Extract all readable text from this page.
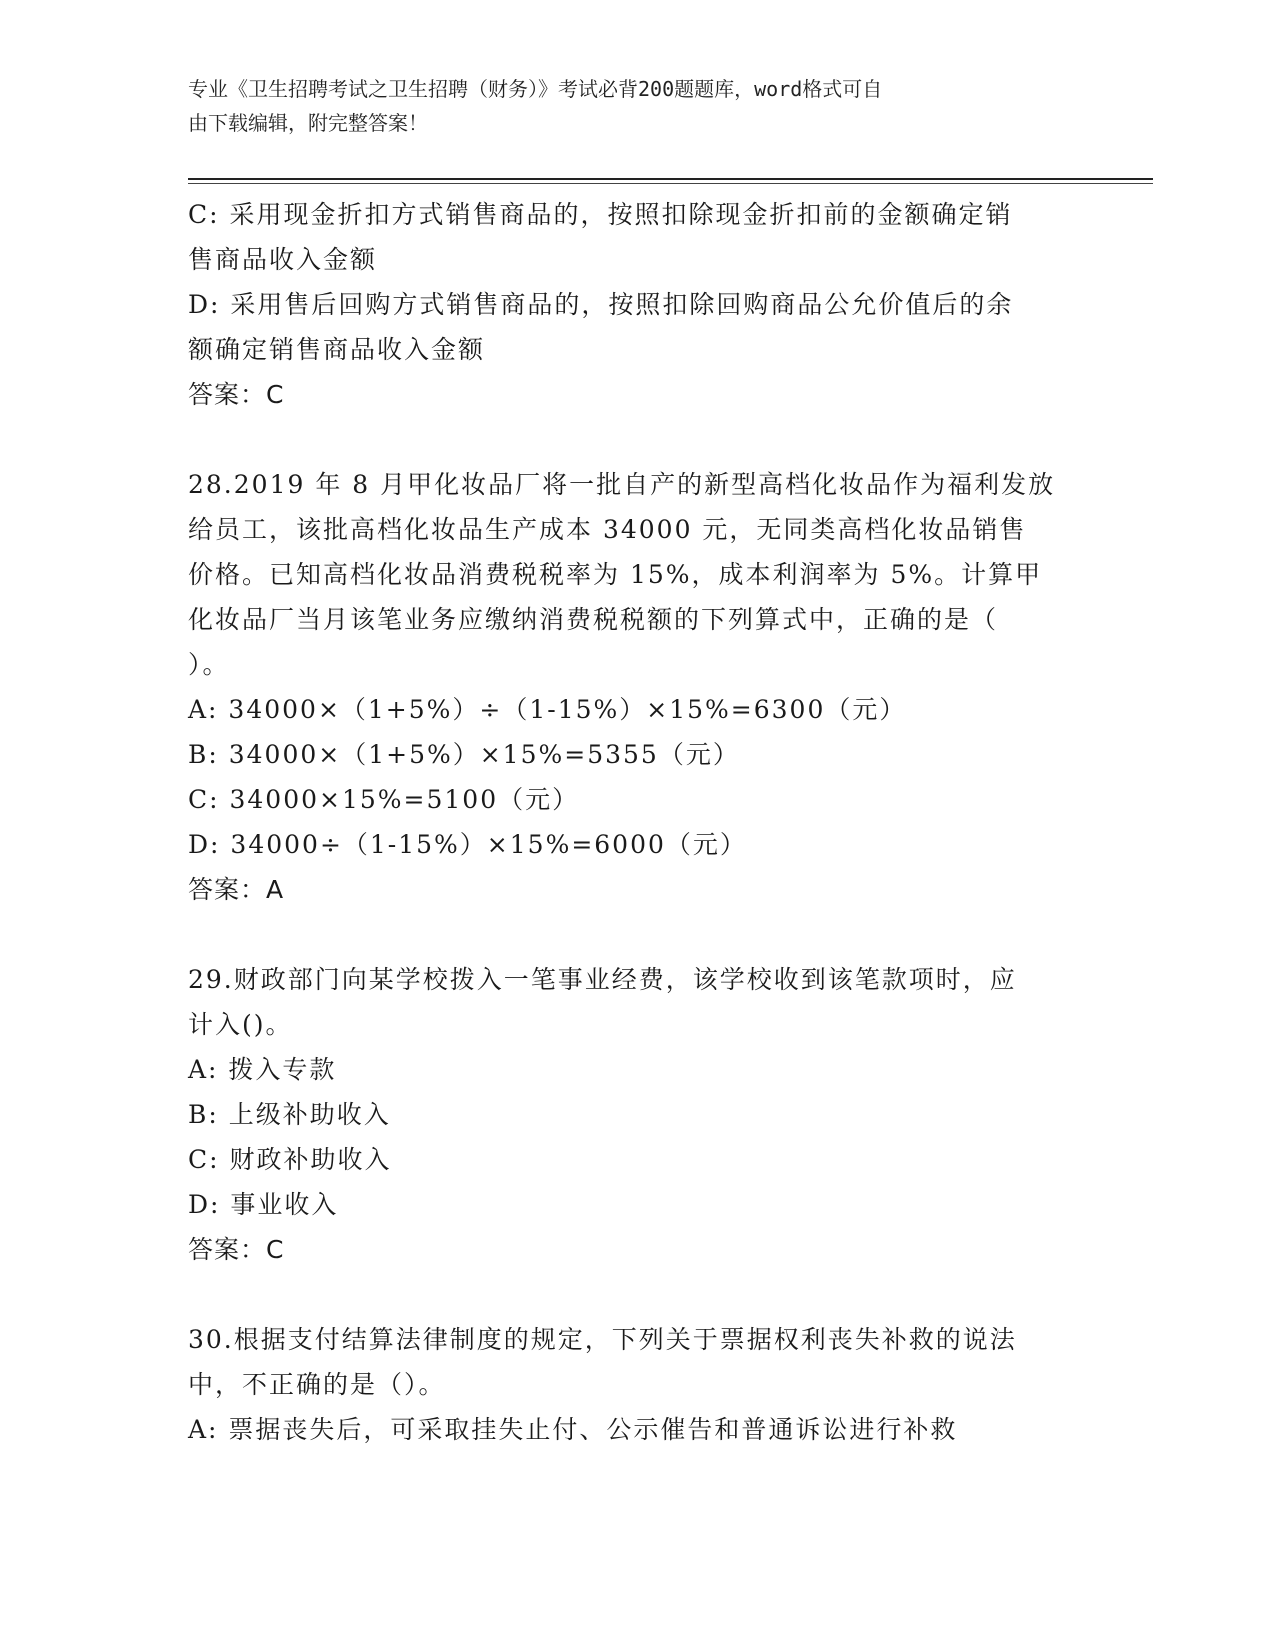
专业《卫生招聘考试之卫生招聘（财务）》考试必背200题题库，word格式可自
由下载编辑，附完整答案！
C: 采用现金折扣方式销售商品的，按照扣除现金折扣前的金额确定销
售商品收入金额
D: 采用售后回购方式销售商品的，按照扣除回购商品公允价值后的余
额确定销售商品收入金额
答案：C
28.2019 年 8 月甲化妆品厂将一批自产的新型高档化妆品作为福利发放
给员工，该批高档化妆品生产成本 34000 元，无同类高档化妆品销售
价格。已知高档化妆品消费税税率为 15%，成本利润率为 5%。计算甲
化妆品厂当月该笔业务应缴纳消费税税额的下列算式中，正确的是（
）。
A: 34000×（1+5%）÷（1-15%）×15%=6300（元）
B: 34000×（1+5%）×15%=5355（元）
C: 34000×15%=5100（元）
D: 34000÷（1-15%）×15%=6000（元）
答案：A
29.财政部门向某学校拨入一笔事业经费，该学校收到该笔款项时，应
计入()。
A: 拨入专款
B: 上级补助收入
C: 财政补助收入
D: 事业收入
答案：C
30.根据支付结算法律制度的规定，下列关于票据权利丧失补救的说法
中，不正确的是（）。
A: 票据丧失后，可采取挂失止付、公示催告和普通诉讼进行补救
